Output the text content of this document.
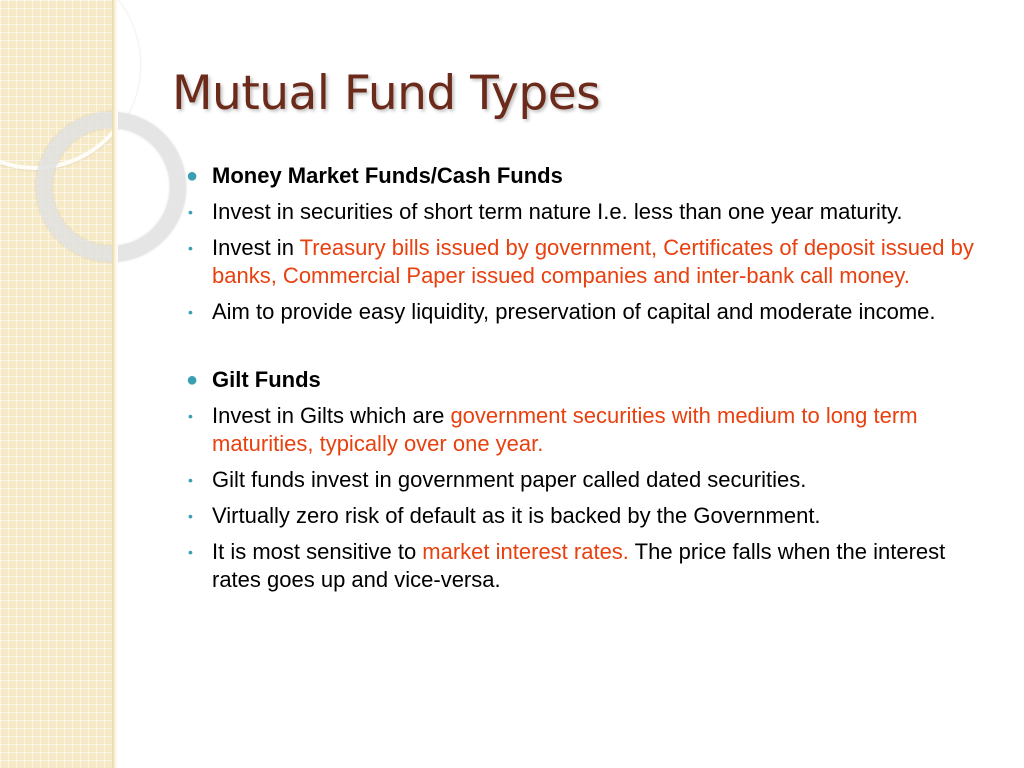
Mutual Fund Types
● Money Market Funds/Cash Funds
• Invest in securities of short term nature I.e. less than one year maturity.
• Invest in Treasury bills issued by government, Certificates of deposit issued by banks, Commercial Paper issued companies and inter-bank call money.
• Aim to provide easy liquidity, preservation of capital and moderate income.
● Gilt Funds
• Invest in Gilts which are government securities with medium to long term maturities, typically over one year.
• Gilt funds invest in government paper called dated securities.
• Virtually zero risk of default as it is backed by the Government.
• It is most sensitive to market interest rates. The price falls when the interest rates goes up and vice-versa.
